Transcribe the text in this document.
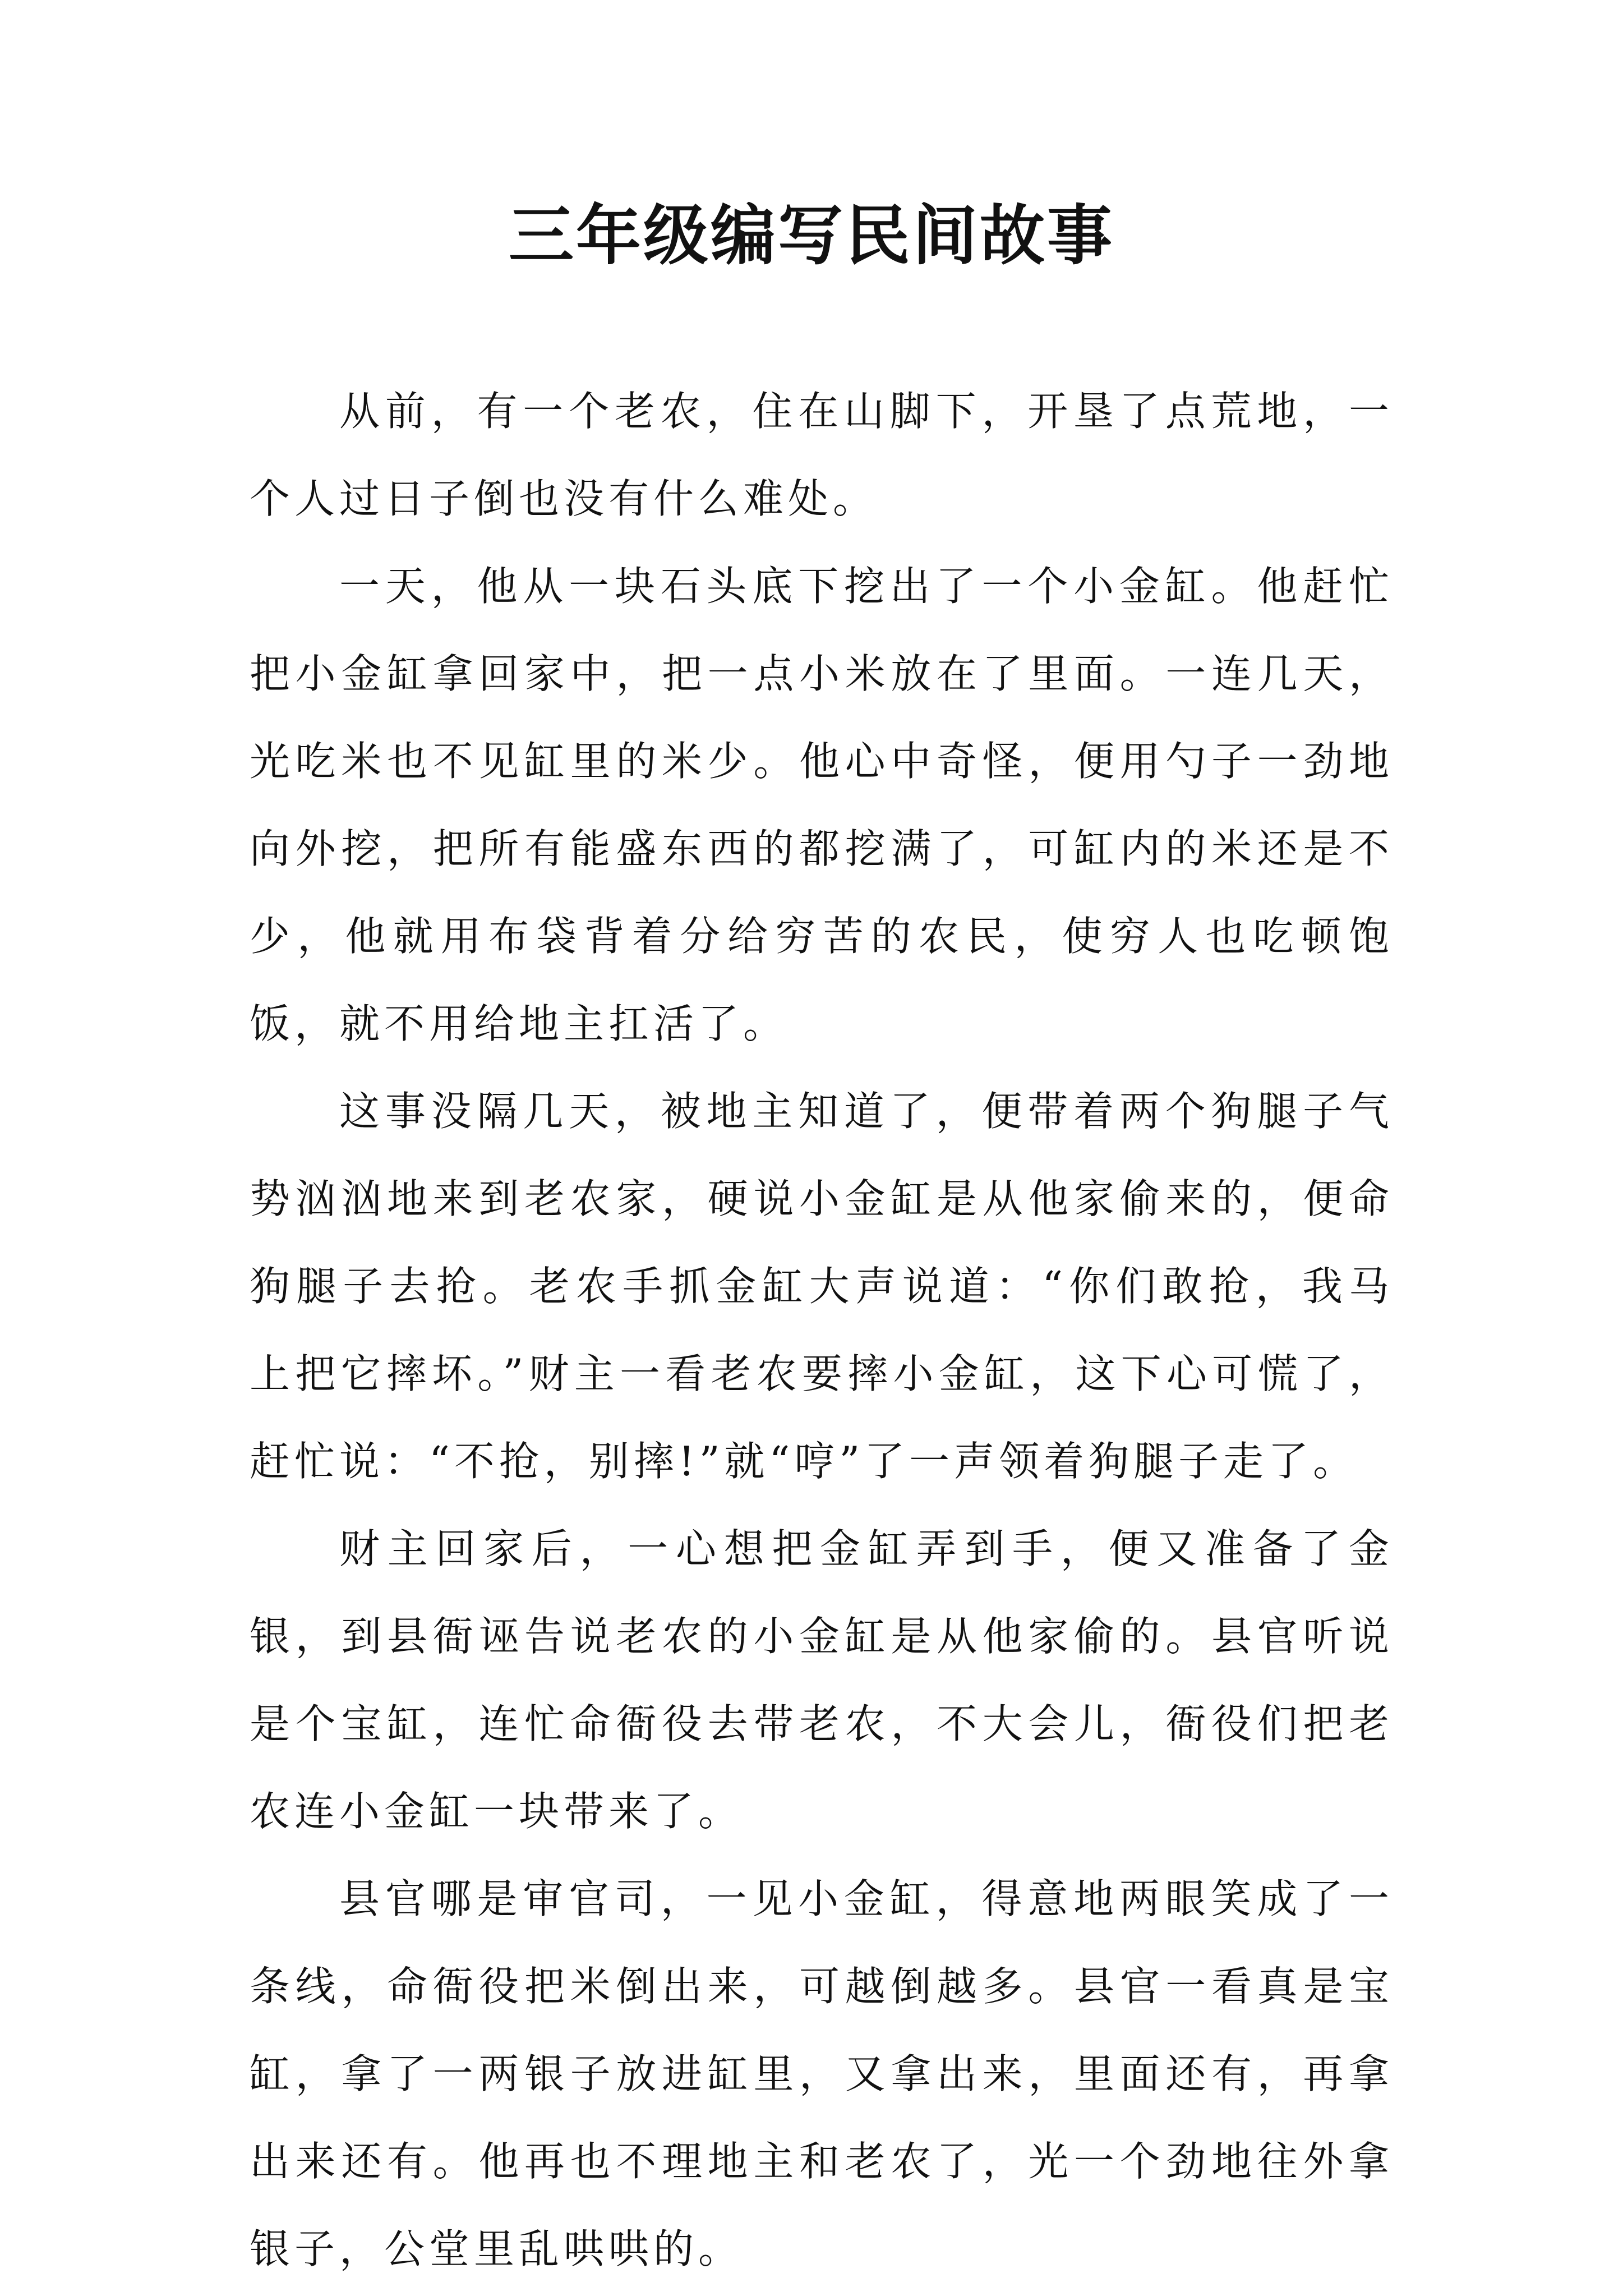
三年级编写民间故事

从前，有一个老农，住在山脚下，开垦了点荒地，一个人过日子倒也没有什么难处。

一天，他从一块石头底下挖出了一个小金缸。他赶忙把小金缸拿回家中，把一点小米放在了里面。一连几天，光吃米也不见缸里的米少。他心中奇怪，便用勺子一劲地向外挖，把所有能盛东西的都挖满了，可缸内的米还是不少，他就用布袋背着分给穷苦的农民，使穷人也吃顿饱饭，就不用给地主扛活了。

这事没隔几天，被地主知道了，便带着两个狗腿子气势汹汹地来到老农家，硬说小金缸是从他家偷来的，便命狗腿子去抢。老农手抓金缸大声说道：“你们敢抢，我马上把它摔坏。”财主一看老农要摔小金缸，这下心可慌了，赶忙说：“不抢，别摔!”就“哼”了一声领着狗腿子走了。

财主回家后，一心想把金缸弄到手，便又准备了金银，到县衙诬告说老农的小金缸是从他家偷的。县官听说是个宝缸，连忙命衙役去带老农，不大会儿，衙役们把老农连小金缸一块带来了。

县官哪是审官司，一见小金缸，得意地两眼笑成了一条线，命衙役把米倒出来，可越倒越多。县官一看真是宝缸，拿了一两银子放进缸里，又拿出来，里面还有，再拿出来还有。他再也不理地主和老农了，光一个劲地往外拿银子，公堂里乱哄哄的。
